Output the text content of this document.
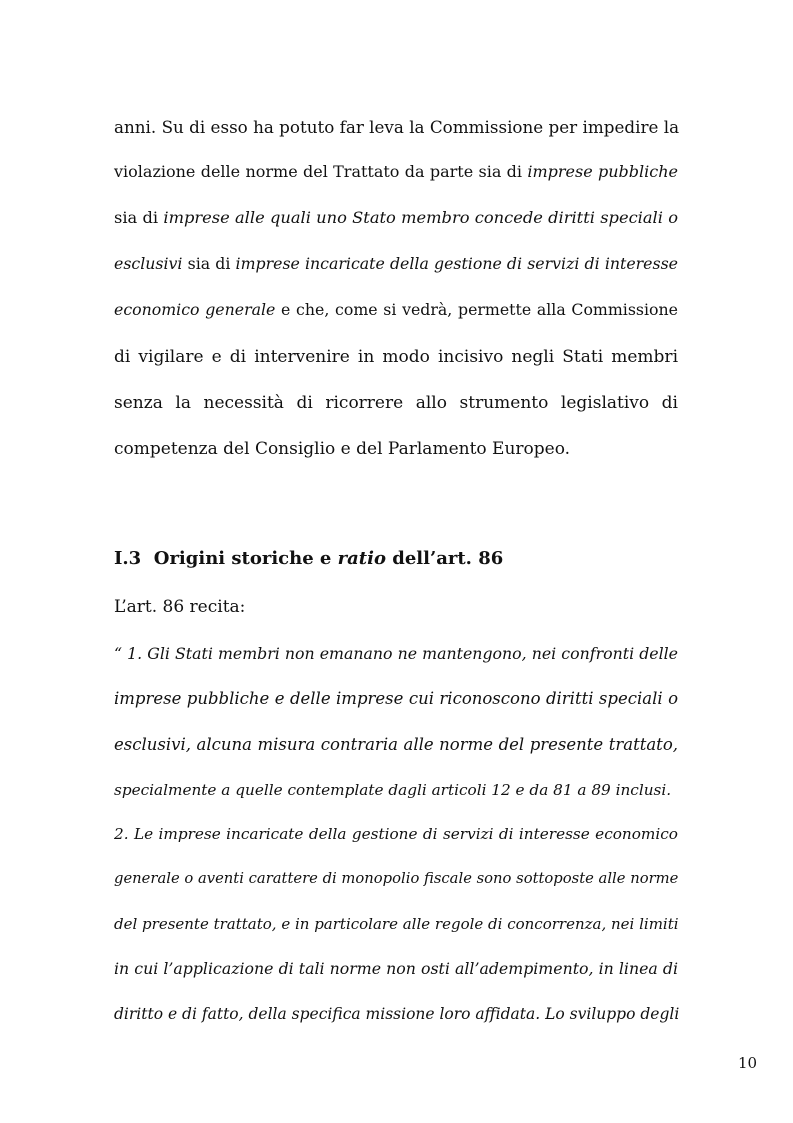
anni. Su di esso ha potuto far leva la Commissione per impedire la
violazione delle norme del Trattato da parte sia di imprese pubbliche
sia di imprese alle quali uno Stato membro concede diritti speciali o
esclusivi sia di imprese incaricate della gestione di servizi di interesse
economico generale e che, come si vedrà, permette alla Commissione
di vigilare e di intervenire in modo incisivo negli Stati membri
senza la necessità di ricorrere allo strumento legislativo di
competenza del Consiglio e del Parlamento Europeo.
I.3 Origini storiche e ratio dell’art. 86
L’art. 86 recita:
“ 1. Gli Stati membri non emanano ne mantengono, nei confronti delle
imprese pubbliche e delle imprese cui riconoscono diritti speciali o
esclusivi, alcuna misura contraria alle norme del presente trattato,
specialmente a quelle contemplate dagli articoli 12 e da 81 a 89 inclusi.
2. Le imprese incaricate della gestione di servizi di interesse economico
generale o aventi carattere di monopolio fiscale sono sottoposte alle norme
del presente trattato, e in particolare alle regole di concorrenza, nei limiti
in cui l’applicazione di tali norme non osti all’adempimento, in linea di
diritto e di fatto, della specifica missione loro affidata. Lo sviluppo degli
10
